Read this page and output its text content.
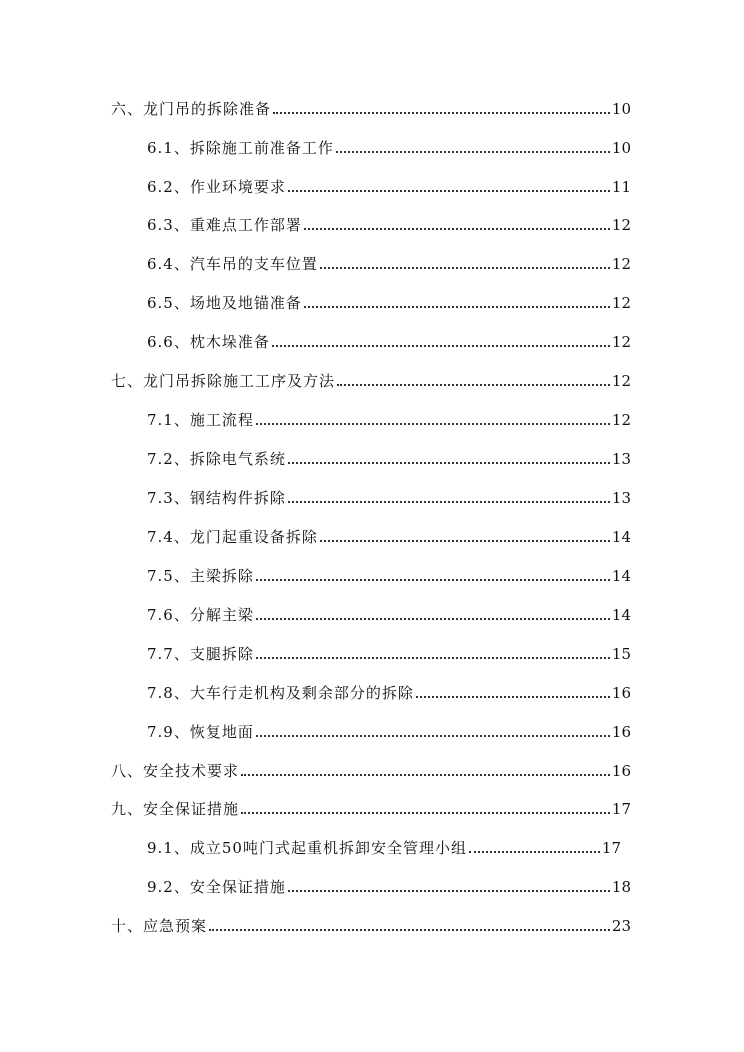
六、龙门吊的拆除准备	10
6.1、拆除施工前准备工作	10
6.2、作业环境要求	11
6.3、重难点工作部署	12
6.4、汽车吊的支车位置	12
6.5、场地及地锚准备	12
6.6、枕木垛准备	12
七、龙门吊拆除施工工序及方法	12
7.1、施工流程	12
7.2、拆除电气系统	13
7.3、钢结构件拆除	13
7.4、龙门起重设备拆除	14
7.5、主梁拆除	14
7.6、分解主梁	14
7.7、支腿拆除	15
7.8、大车行走机构及剩余部分的拆除	16
7.9、恢复地面	16
八、安全技术要求	16
九、安全保证措施	17
9.1、成立50吨门式起重机拆卸安全管理小组	17
9.2、安全保证措施	18
十、应急预案	23
